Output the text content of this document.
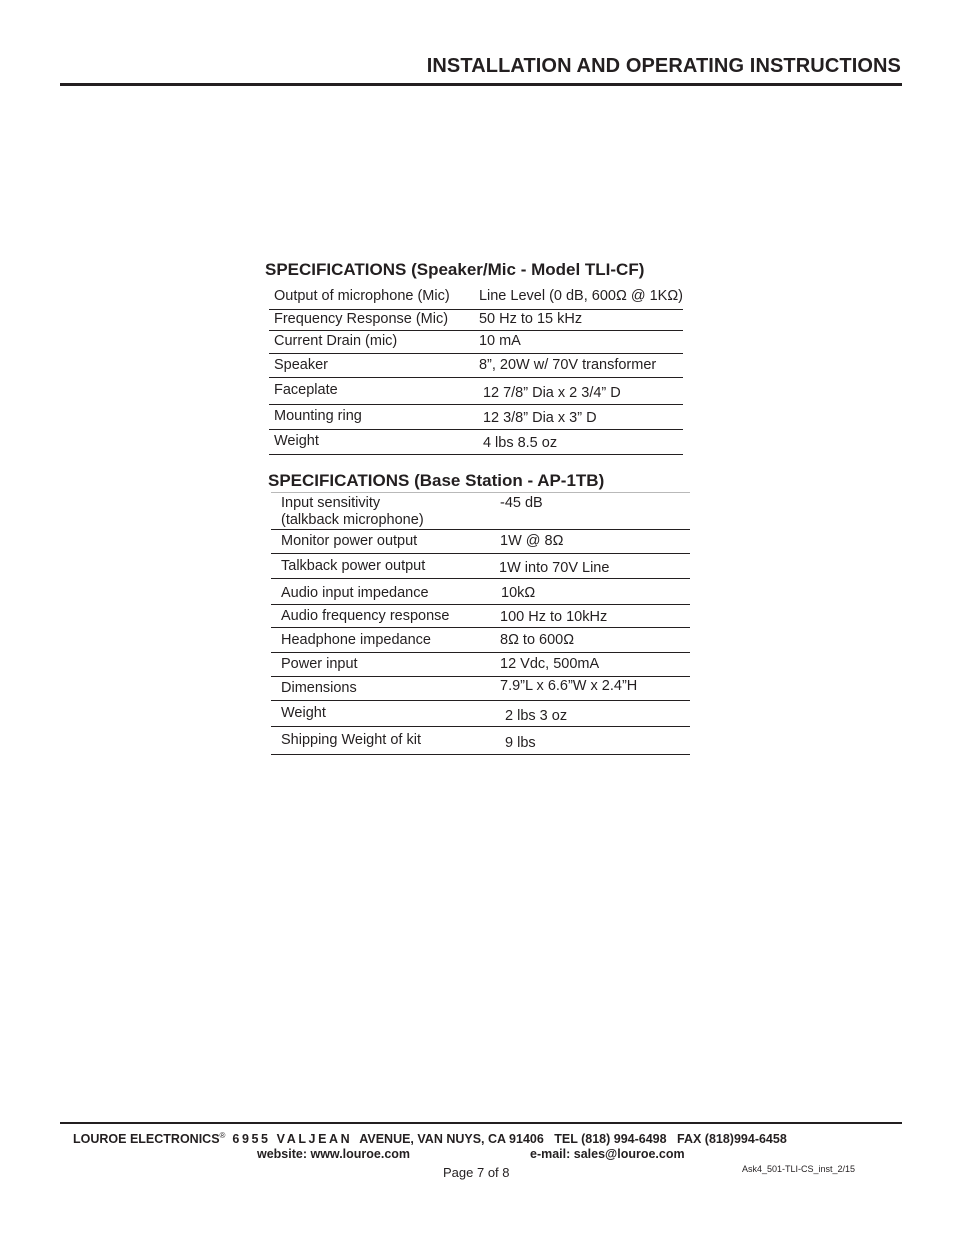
INSTALLATION AND OPERATING INSTRUCTIONS
SPECIFICATIONS (Speaker/Mic - Model TLI-CF)
Output of microphone (Mic)	Line Level (0 dB, 600Ω @ 1KΩ)
Frequency Response (Mic)	50 Hz to 15 kHz
Current Drain (mic)	10 mA
Speaker	8”, 20W w/ 70V transformer
Faceplate	12 7/8” Dia x 2 3/4” D
Mounting ring	12 3/8” Dia x 3” D
Weight	4 lbs 8.5 oz
SPECIFICATIONS (Base Station - AP-1TB)
Input sensitivity
(talkback microphone)	-45 dB
Monitor power output	1W @ 8Ω
Talkback power output	1W into 70V Line
Audio input impedance	10kΩ
Audio frequency response	100 Hz to 10kHz
Headphone impedance	8Ω to 600Ω
Power input	12 Vdc, 500mA
Dimensions	7.9”L x 6.6”W x 2.4”H
Weight	2 lbs 3 oz
Shipping Weight of kit	9 lbs
LOUROE ELECTRONICS® 6955 VALJEAN AVENUE, VAN NUYS, CA 91406 TEL (818) 994-6498 FAX (818)994-6458
website: www.louroe.com	e-mail: sales@louroe.com
Page 7 of 8	Ask4_501-TLI-CS_inst_2/15
